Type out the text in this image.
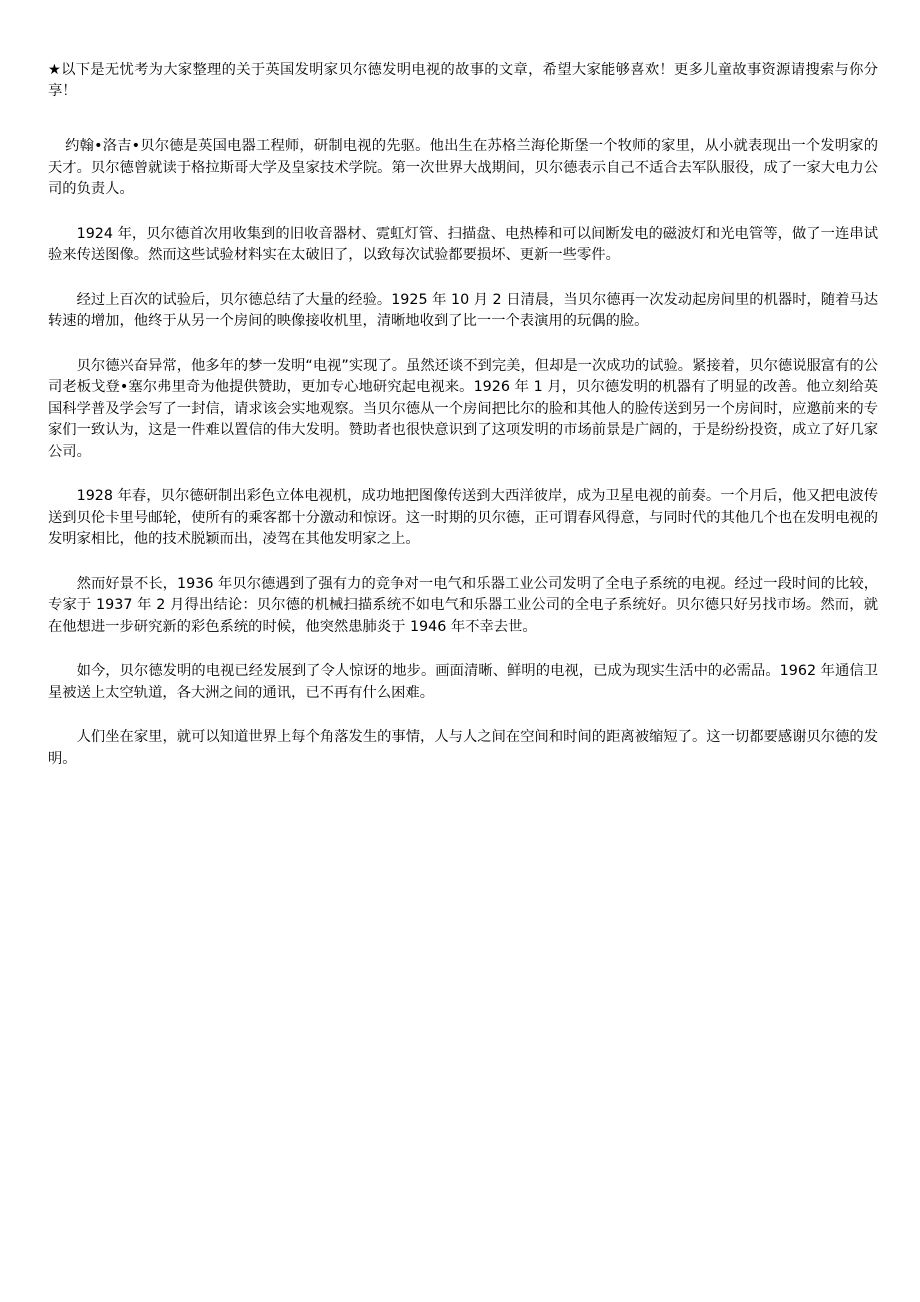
★以下是无忧考为大家整理的关于英国发明家贝尔德发明电视的故事的文章，希望大家能够喜欢！更多儿童故事资源请搜索与你分享！

约翰•洛吉•贝尔德是英国电器工程师，研制电视的先驱。他出生在苏格兰海伦斯堡一个牧师的家里，从小就表现出一个发明家的天才。贝尔德曾就读于格拉斯哥大学及皇家技术学院。第一次世界大战期间，贝尔德表示自己不适合去军队服役，成了一家大电力公司的负责人。

1924 年，贝尔德首次用收集到的旧收音器材、霓虹灯管、扫描盘、电热棒和可以间断发电的磁波灯和光电管等，做了一连串试验来传送图像。然而这些试验材料实在太破旧了，以致每次试验都要损坏、更新一些零件。

经过上百次的试验后，贝尔德总结了大量的经验。1925 年 10 月 2 日清晨，当贝尔德再一次发动起房间里的机器时，随着马达转速的增加，他终于从另一个房间的映像接收机里，清晰地收到了比一一个表演用的玩偶的脸。

贝尔德兴奋异常，他多年的梦一发明“电视”实现了。虽然还谈不到完美，但却是一次成功的试验。紧接着，贝尔德说服富有的公司老板戈登•塞尔弗里奇为他提供赞助，更加专心地研究起电视来。1926 年 1 月，贝尔德发明的机器有了明显的改善。他立刻给英国科学普及学会写了一封信，请求该会实地观察。当贝尔德从一个房间把比尔的脸和其他人的脸传送到另一个房间时，应邀前来的专家们一致认为，这是一件难以置信的伟大发明。赞助者也很快意识到了这项发明的市场前景是广阔的，于是纷纷投资，成立了好几家公司。

1928 年春，贝尔德研制出彩色立体电视机，成功地把图像传送到大西洋彼岸，成为卫星电视的前奏。一个月后，他又把电波传送到贝伦卡里号邮轮，使所有的乘客都十分激动和惊讶。这一时期的贝尔德，正可谓春风得意，与同时代的其他几个也在发明电视的发明家相比，他的技术脱颖而出，凌驾在其他发明家之上。

然而好景不长，1936 年贝尔德遇到了强有力的竞争对一电气和乐器工业公司发明了全电子系统的电视。经过一段时间的比较，专家于 1937 年 2 月得出结论：贝尔德的机械扫描系统不如电气和乐器工业公司的全电子系统好。贝尔德只好另找市场。然而，就在他想进一步研究新的彩色系统的时候，他突然患肺炎于 1946 年不幸去世。

如今，贝尔德发明的电视已经发展到了令人惊讶的地步。画面清晰、鲜明的电视，已成为现实生活中的必需品。1962 年通信卫星被送上太空轨道，各大洲之间的通讯，已不再有什么困难。

人们坐在家里，就可以知道世界上每个角落发生的事情，人与人之间在空间和时间的距离被缩短了。这一切都要感谢贝尔德的发明。
